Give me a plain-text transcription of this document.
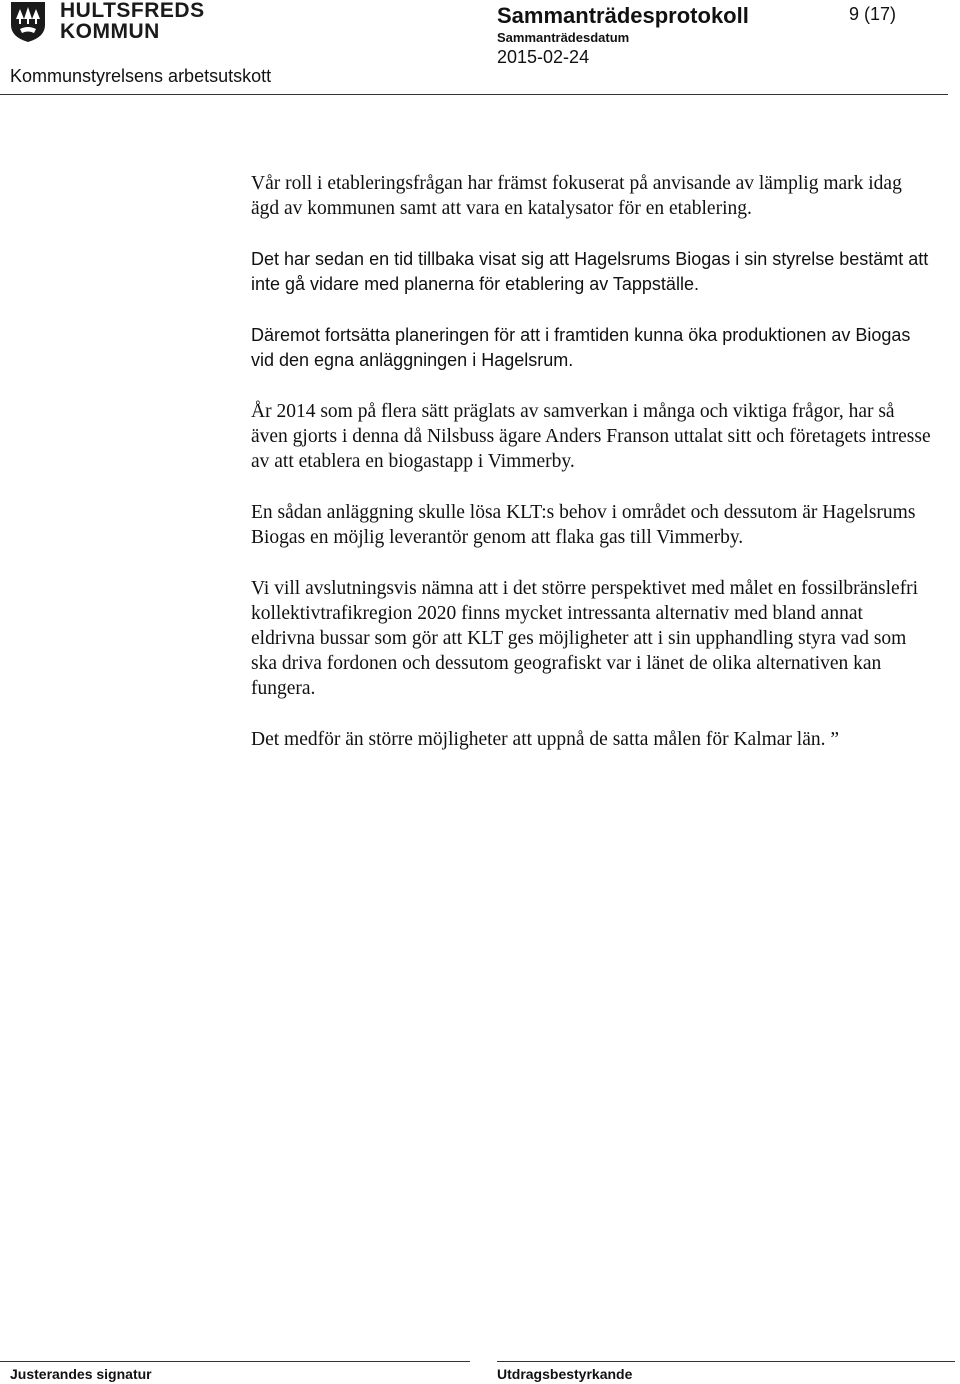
HULTSFREDS
KOMMUN
Kommunstyrelsens arbetsutskott
Sammanträdesprotokoll
Sammanträdesdatum
2015-02-24
9 (17)

Vår roll i etableringsfrågan har främst fokuserat på anvisande av lämplig mark idag ägd av kommunen samt att vara en katalysator för en etablering.

Det har sedan en tid tillbaka visat sig att Hagelsrums Biogas i sin styrelse bestämt att inte gå vidare med planerna för etablering av Tappställe.

Däremot fortsätta planeringen för att i framtiden kunna öka produktionen av Biogas vid den egna anläggningen i Hagelsrum.

År 2014 som på flera sätt präglats av samverkan i många och viktiga frågor, har så även gjorts i denna då Nilsbuss ägare Anders Franson uttalat sitt och företagets intresse av att etablera en biogastapp i Vimmerby.

En sådan anläggning skulle lösa KLT:s behov i området och dessutom är Hagelsrums Biogas en möjlig leverantör genom att flaka gas till Vimmerby.

Vi vill avslutningsvis nämna att i det större perspektivet med målet en fossilbränslefri kollektivtrafikregion 2020 finns mycket intressanta alternativ med bland annat eldrivna bussar som gör att KLT ges möjligheter att i sin upphandling styra vad som ska driva fordonen och dessutom geografiskt var i länet de olika alternativen kan fungera.

Det medför än större möjligheter att uppnå de satta målen för Kalmar län. ”

Justerandes signatur	Utdragsbestyrkande
